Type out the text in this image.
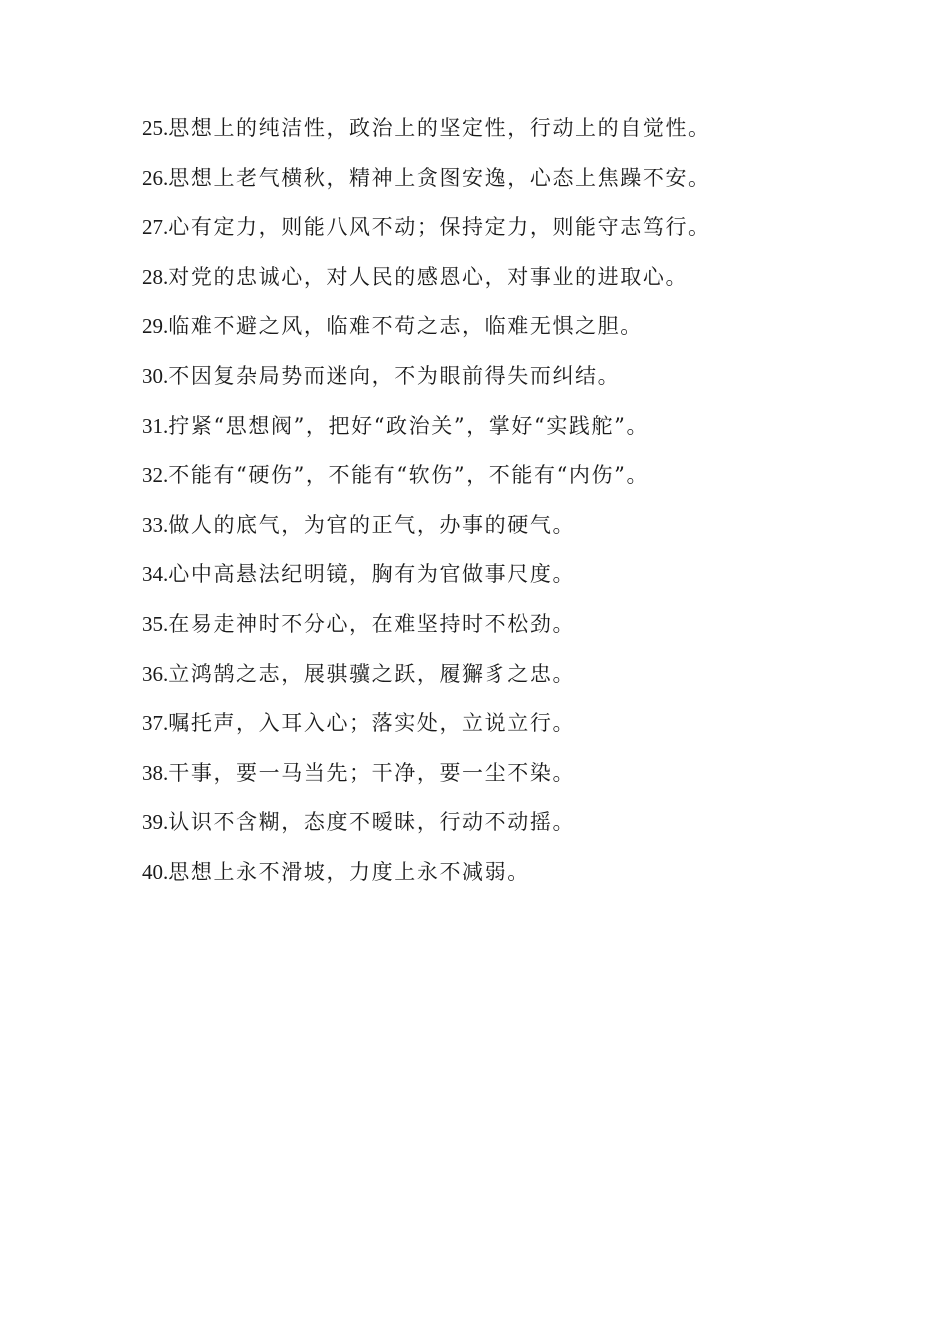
25.思想上的纯洁性，政治上的坚定性，行动上的自觉性。
26.思想上老气横秋，精神上贪图安逸，心态上焦躁不安。
27.心有定力，则能八风不动；保持定力，则能守志笃行。
28.对党的忠诚心，对人民的感恩心，对事业的进取心。
29.临难不避之风，临难不苟之志，临难无惧之胆。
30.不因复杂局势而迷向，不为眼前得失而纠结。
31.拧紧“思想阀”，把好“政治关”，掌好“实践舵”。
32.不能有“硬伤”，不能有“软伤”，不能有“内伤”。
33.做人的底气，为官的正气，办事的硬气。
34.心中高悬法纪明镜，胸有为官做事尺度。
35.在易走神时不分心，在难坚持时不松劲。
36.立鸿鹄之志，展骐骥之跃，履獬豸之忠。
37.嘱托声，入耳入心；落实处，立说立行。
38.干事，要一马当先；干净，要一尘不染。
39.认识不含糊，态度不暧昧，行动不动摇。
40.思想上永不滑坡，力度上永不减弱。
